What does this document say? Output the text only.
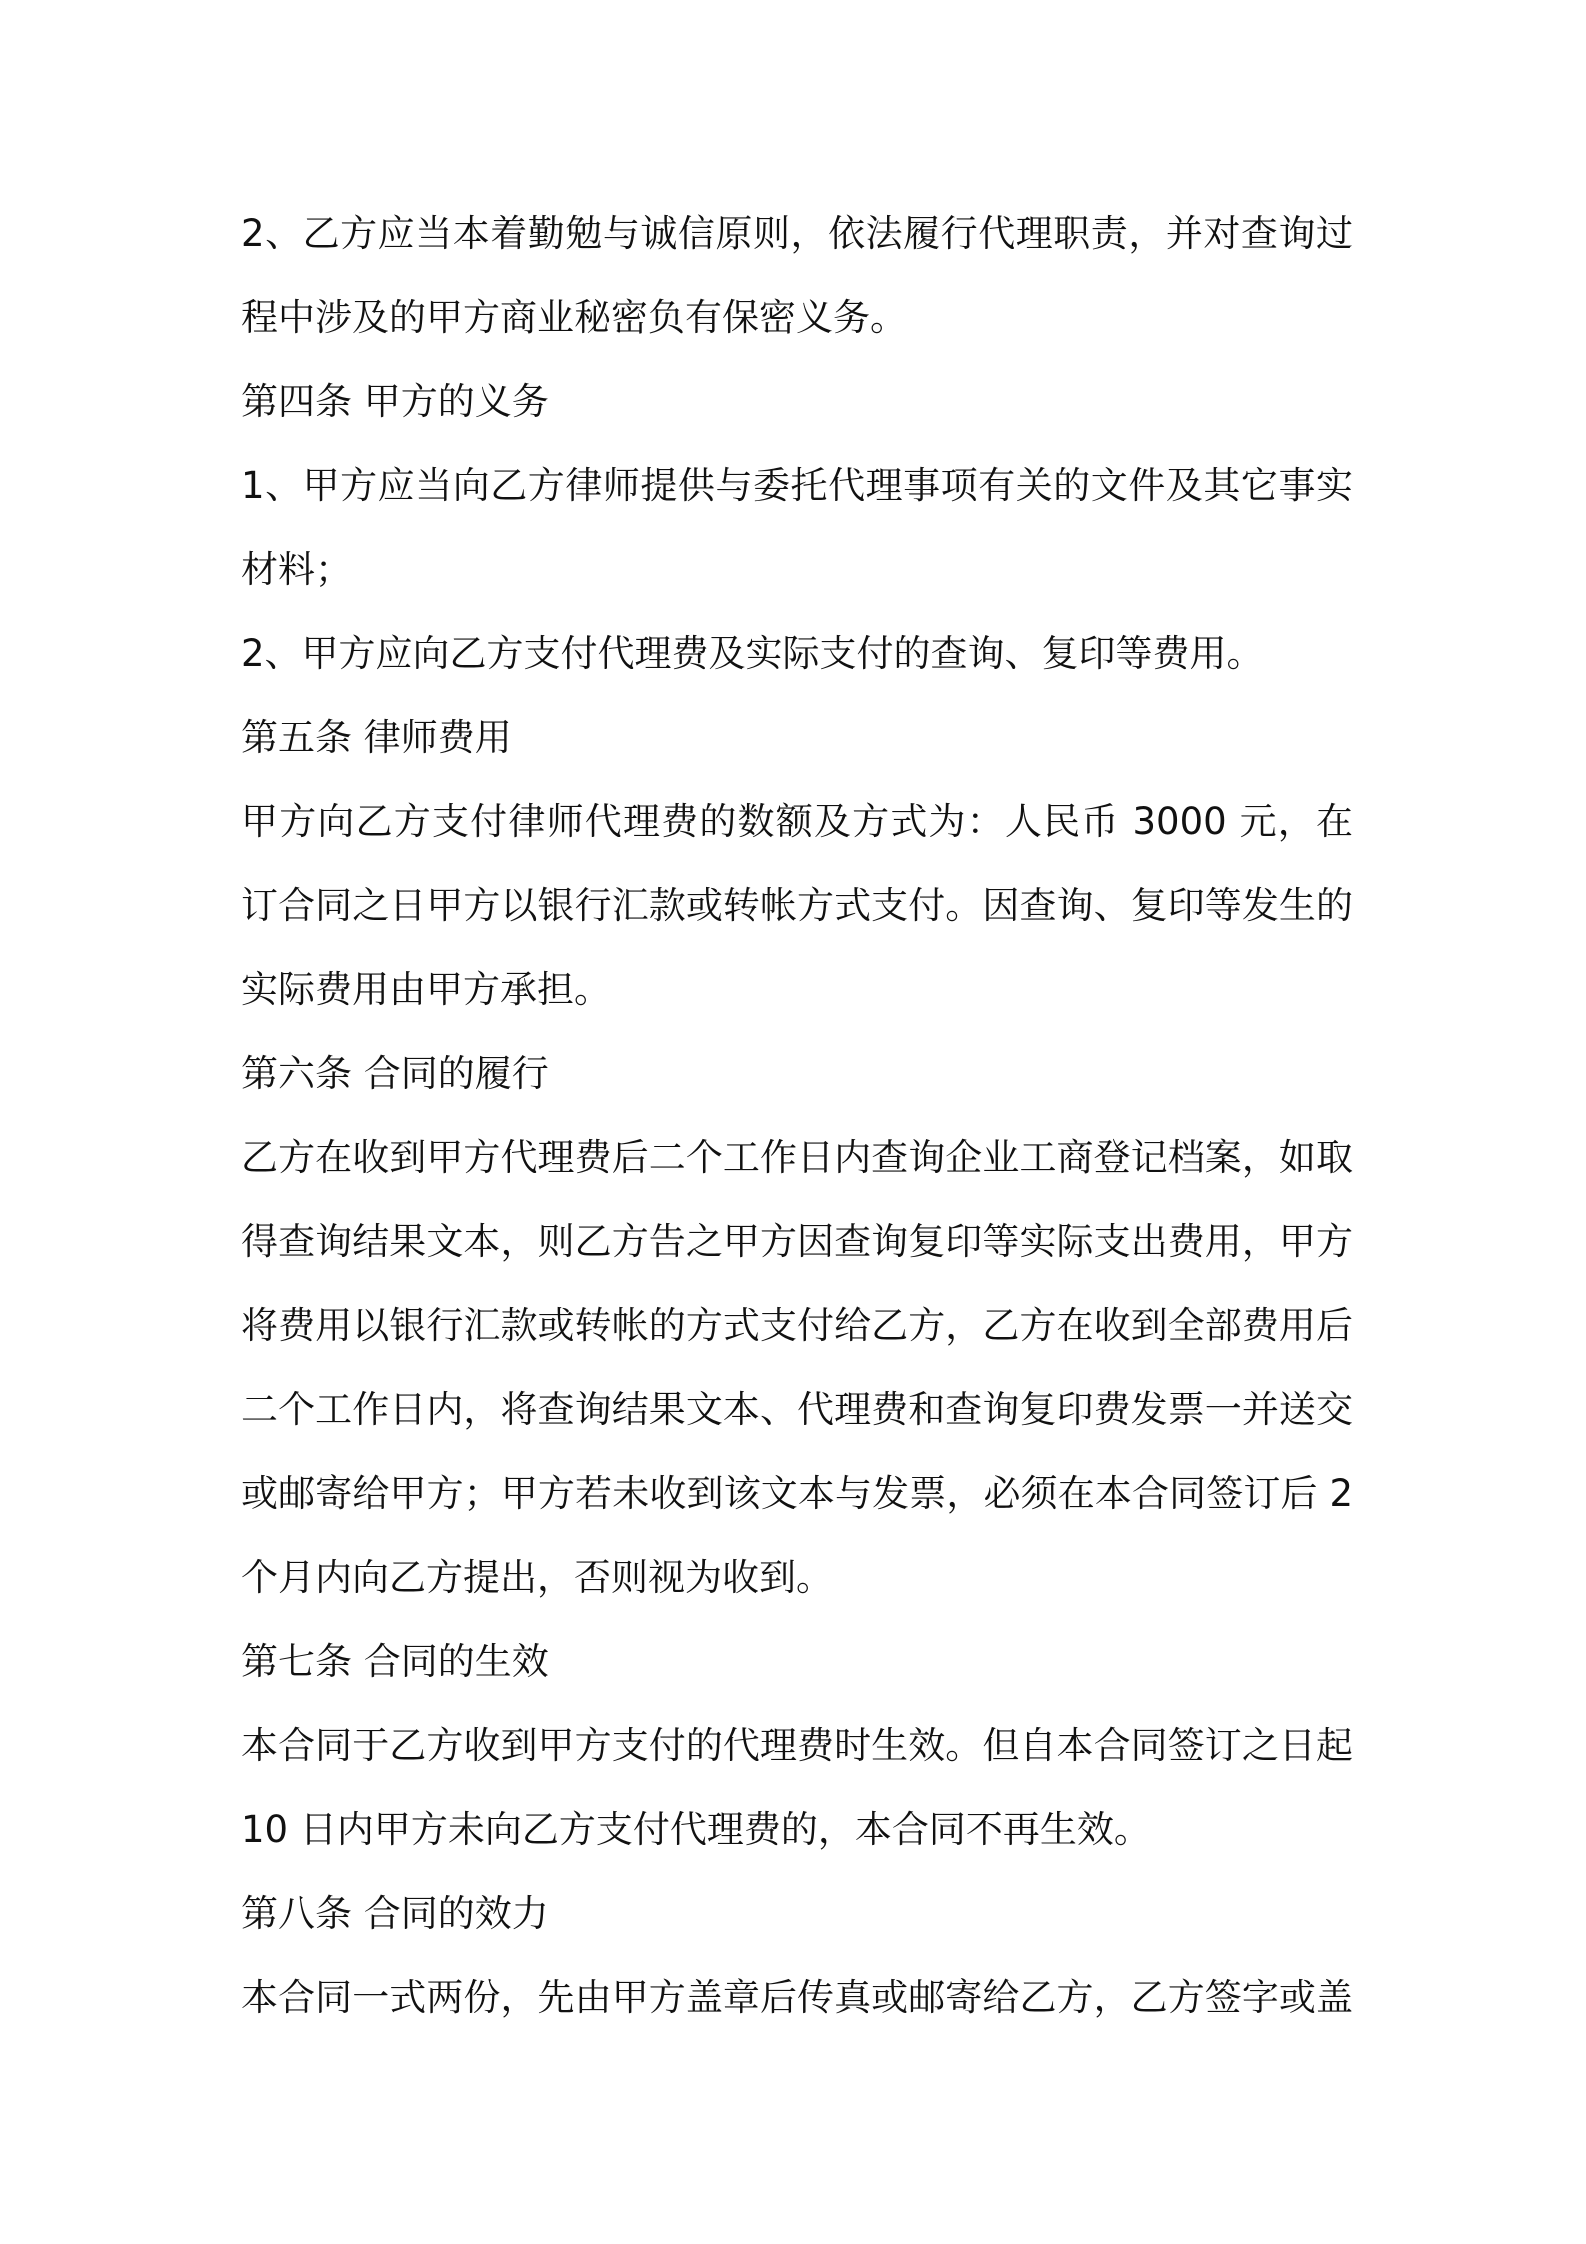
2、乙方应当本着勤勉与诚信原则，依法履行代理职责，并对查询过
程中涉及的甲方商业秘密负有保密义务。
第四条 甲方的义务
1、甲方应当向乙方律师提供与委托代理事项有关的文件及其它事实
材料；
2、甲方应向乙方支付代理费及实际支付的查询、复印等费用。
第五条 律师费用
甲方向乙方支付律师代理费的数额及方式为：人民币 3000 元，在
订合同之日甲方以银行汇款或转帐方式支付。因查询、复印等发生的
实际费用由甲方承担。
第六条 合同的履行
乙方在收到甲方代理费后二个工作日内查询企业工商登记档案，如取
得查询结果文本，则乙方告之甲方因查询复印等实际支出费用，甲方
将费用以银行汇款或转帐的方式支付给乙方，乙方在收到全部费用后
二个工作日内，将查询结果文本、代理费和查询复印费发票一并送交
或邮寄给甲方；甲方若未收到该文本与发票，必须在本合同签订后 2
个月内向乙方提出，否则视为收到。
第七条 合同的生效
本合同于乙方收到甲方支付的代理费时生效。但自本合同签订之日起
10 日内甲方未向乙方支付代理费的，本合同不再生效。
第八条 合同的效力
本合同一式两份，先由甲方盖章后传真或邮寄给乙方，乙方签字或盖
